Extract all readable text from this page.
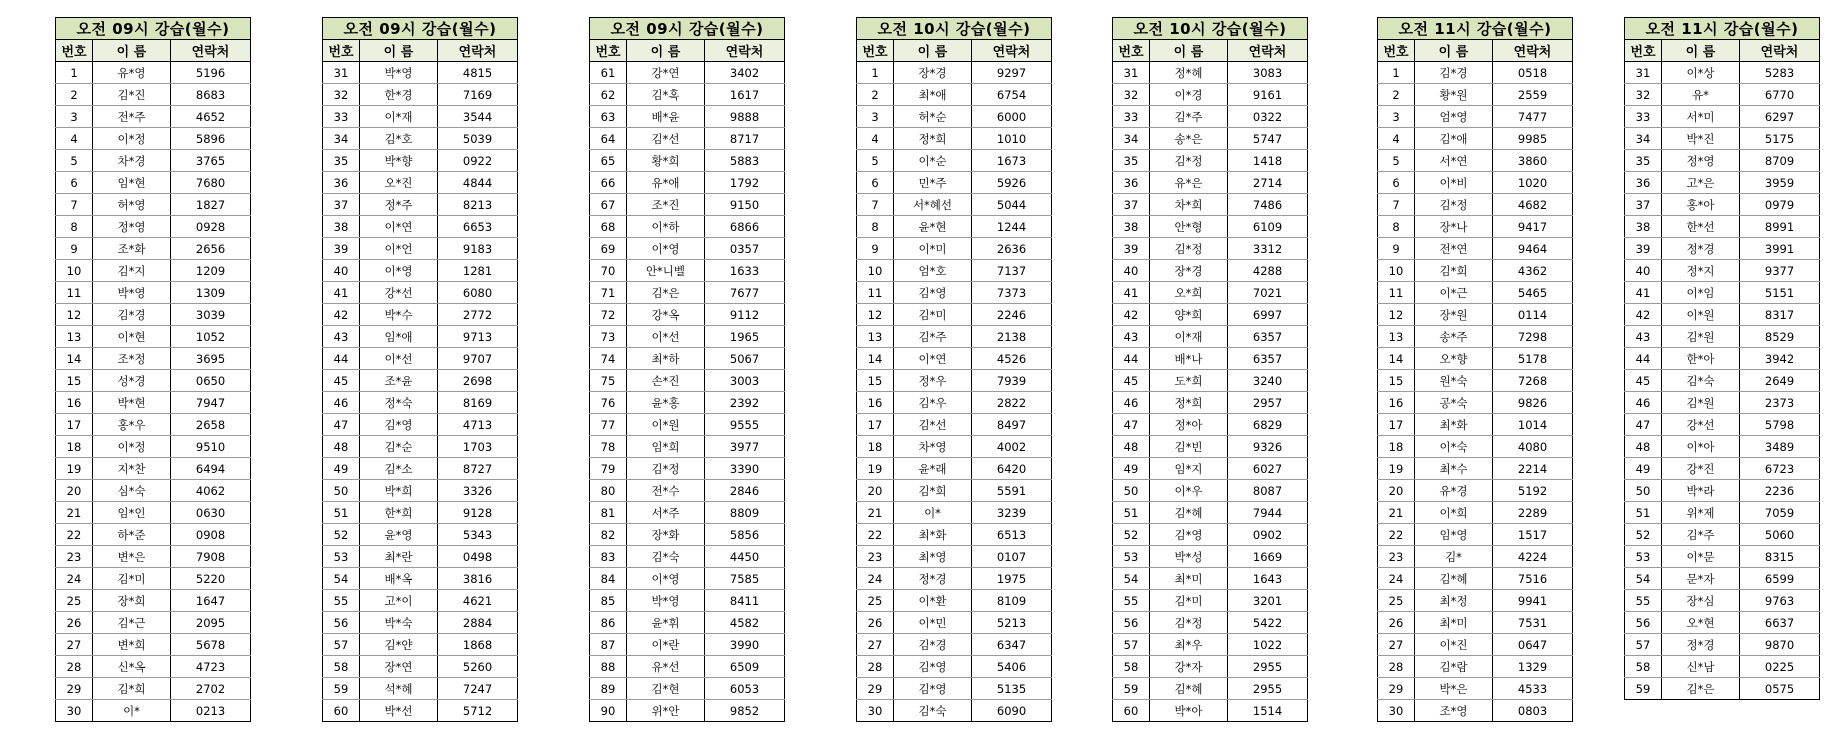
오전 09시 강습(월수)		
번호	이 름	연락처
1	유*영	5196
2	김*진	8683
3	전*주	4652
4	이*정	5896
5	차*경	3765
6	임*현	7680
7	허*영	1827
8	정*영	0928
9	조*화	2656
10	김*지	1209
11	박*영	1309
12	김*경	3039
13	이*현	1052
14	조*정	3695
15	성*경	0650
16	박*현	7947
17	홍*우	2658
18	이*정	9510
19	지*찬	6494
20	심*숙	4062
21	임*인	0630
22	하*준	0908
23	변*은	7908
24	김*미	5220
25	장*희	1647
26	김*근	2095
27	변*희	5678
28	신*옥	4723
29	김*희	2702
30	이*	0213
오전 09시 강습(월수)		
번호	이 름	연락처
31	박*영	4815
32	한*경	7169
33	이*재	3544
34	김*호	5039
35	박*향	0922
36	오*진	4844
37	정*주	8213
38	이*연	6653
39	이*언	9183
40	이*영	1281
41	강*선	6080
42	박*수	2772
43	임*애	9713
44	이*선	9707
45	조*윤	2698
46	정*숙	8169
47	김*영	4713
48	김*순	1703
49	김*소	8727
50	박*희	3326
51	한*희	9128
52	윤*영	5343
53	최*란	0498
54	배*옥	3816
55	고*이	4621
56	박*숙	2884
57	김*얀	1868
58	장*연	5260
59	석*혜	7247
60	박*선	5712
오전 09시 강습(월수)		
번호	이 름	연락처
61	강*연	3402
62	김*혹	1617
63	배*윤	9888
64	김*선	8717
65	황*희	5883
66	유*애	1792
67	조*진	9150
68	이*하	6866
69	이*영	0357
70	안*니벨	1633
71	김*은	7677
72	강*옥	9112
73	이*선	1965
74	최*하	5067
75	손*진	3003
76	윤*홍	2392
77	이*원	9555
78	임*희	3977
79	김*정	3390
80	전*수	2846
81	서*주	8809
82	장*화	5856
83	김*숙	4450
84	이*영	7585
85	박*영	8411
86	윤*휘	4582
87	이*란	3990
88	유*선	6509
89	김*현	6053
90	위*안	9852
오전 10시 강습(월수)		
번호	이 름	연락처
1	장*경	9297
2	최*애	6754
3	허*순	6000
4	정*희	1010
5	이*순	1673
6	민*주	5926
7	서*혜선	5044
8	윤*현	1244
9	이*미	2636
10	엄*호	7137
11	김*영	7373
12	김*미	2246
13	김*주	2138
14	이*연	4526
15	정*우	7939
16	김*우	2822
17	김*선	8497
18	차*영	4002
19	윤*래	6420
20	김*희	5591
21	이*	3239
22	최*화	6513
23	최*영	0107
24	정*경	1975
25	이*환	8109
26	이*민	5213
27	김*경	6347
28	김*영	5406
29	김*영	5135
30	김*숙	6090
오전 10시 강습(월수)		
번호	이 름	연락처
31	정*혜	3083
32	이*경	9161
33	김*주	0322
34	송*은	5747
35	김*정	1418
36	유*은	2714
37	차*희	7486
38	안*형	6109
39	김*정	3312
40	장*경	4288
41	오*희	7021
42	양*희	6997
43	이*재	6357
44	배*나	6357
45	도*희	3240
46	정*희	2957
47	정*아	6829
48	김*빈	9326
49	임*지	6027
50	이*우	8087
51	김*혜	7944
52	김*영	0902
53	박*성	1669
54	최*미	1643
55	김*미	3201
56	김*정	5422
57	최*우	1022
58	강*자	2955
59	김*혜	2955
60	박*아	1514
오전 11시 강습(월수)		
번호	이 름	연락처
1	김*경	0518
2	황*원	2559
3	엄*영	7477
4	김*애	9985
5	서*연	3860
6	이*비	1020
7	김*정	4682
8	장*나	9417
9	전*연	9464
10	김*희	4362
11	이*근	5465
12	장*원	0114
13	송*주	7298
14	오*향	5178
15	원*숙	7268
16	공*숙	9826
17	최*화	1014
18	이*숙	4080
19	최*수	2214
20	유*경	5192
21	이*희	2289
22	임*영	1517
23	김*	4224
24	김*혜	7516
25	최*정	9941
26	최*미	7531
27	이*진	0647
28	김*람	1329
29	박*은	4533
30	조*영	0803
오전 11시 강습(월수)		
번호	이 름	연락처
31	이*상	5283
32	유*	6770
33	서*미	6297
34	박*진	5175
35	정*영	8709
36	고*은	3959
37	홍*아	0979
38	한*선	8991
39	정*경	3991
40	정*지	9377
41	이*임	5151
42	이*원	8317
43	김*원	8529
44	한*아	3942
45	김*숙	2649
46	김*원	2373
47	강*선	5798
48	이*아	3489
49	강*진	6723
50	박*라	2236
51	위*제	7059
52	김*주	5060
53	이*문	8315
54	문*자	6599
55	장*심	9763
56	오*현	6637
57	정*경	9870
58	신*남	0225
59	김*은	0575
